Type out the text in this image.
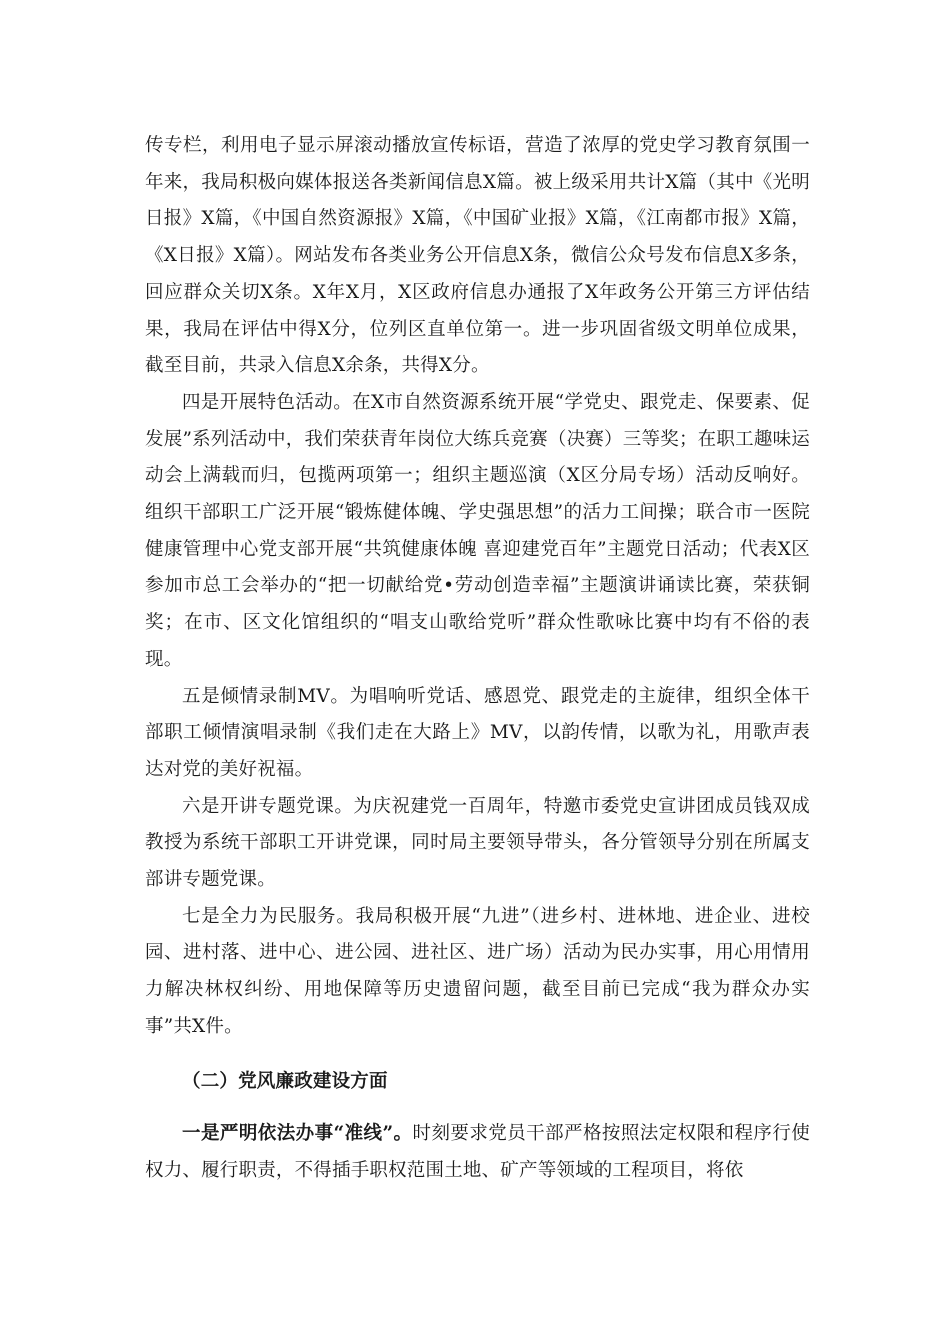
传专栏，利用电子显示屏滚动播放宣传标语，营造了浓厚的党史学习教育氛围一年来，我局积极向媒体报送各类新闻信息X篇。被上级采用共计X篇（其中《光明日报》X篇，《中国自然资源报》X篇，《中国矿业报》X篇，《江南都市报》X篇，《X日报》X篇）。网站发布各类业务公开信息X条，微信公众号发布信息X多条，回应群众关切X条。X年X月，X区政府信息办通报了X年政务公开第三方评估结果，我局在评估中得X分，位列区直单位第一。进一步巩固省级文明单位成果，截至目前，共录入信息X余条，共得X分。

四是开展特色活动。在X市自然资源系统开展“学党史、跟党走、保要素、促发展”系列活动中，我们荣获青年岗位大练兵竞赛（决赛）三等奖；在职工趣味运动会上满载而归，包揽两项第一；组织主题巡演（X区分局专场）活动反响好。组织干部职工广泛开展“锻炼健体魄、学史强思想”的活力工间操；联合市一医院健康管理中心党支部开展“共筑健康体魄 喜迎建党百年”主题党日活动；代表X区参加市总工会举办的“把一切献给党•劳动创造幸福”主题演讲诵读比赛，荣获铜奖；在市、区文化馆组织的“唱支山歌给党听”群众性歌咏比赛中均有不俗的表现。

五是倾情录制MV。为唱响听党话、感恩党、跟党走的主旋律，组织全体干部职工倾情演唱录制《我们走在大路上》MV，以韵传情，以歌为礼，用歌声表达对党的美好祝福。

六是开讲专题党课。为庆祝建党一百周年，特邀市委党史宣讲团成员钱双成教授为系统干部职工开讲党课，同时局主要领导带头，各分管领导分别在所属支部讲专题党课。

七是全力为民服务。我局积极开展“九进”（进乡村、进林地、进企业、进校园、进村落、进中心、进公园、进社区、进广场）活动为民办实事，用心用情用力解决林权纠纷、用地保障等历史遗留问题，截至目前已完成“我为群众办实事”共X件。

（二）党风廉政建设方面

一是严明依法办事“准线”。时刻要求党员干部严格按照法定权限和程序行使权力、履行职责，不得插手职权范围土地、矿产等领域的工程项目，将依
